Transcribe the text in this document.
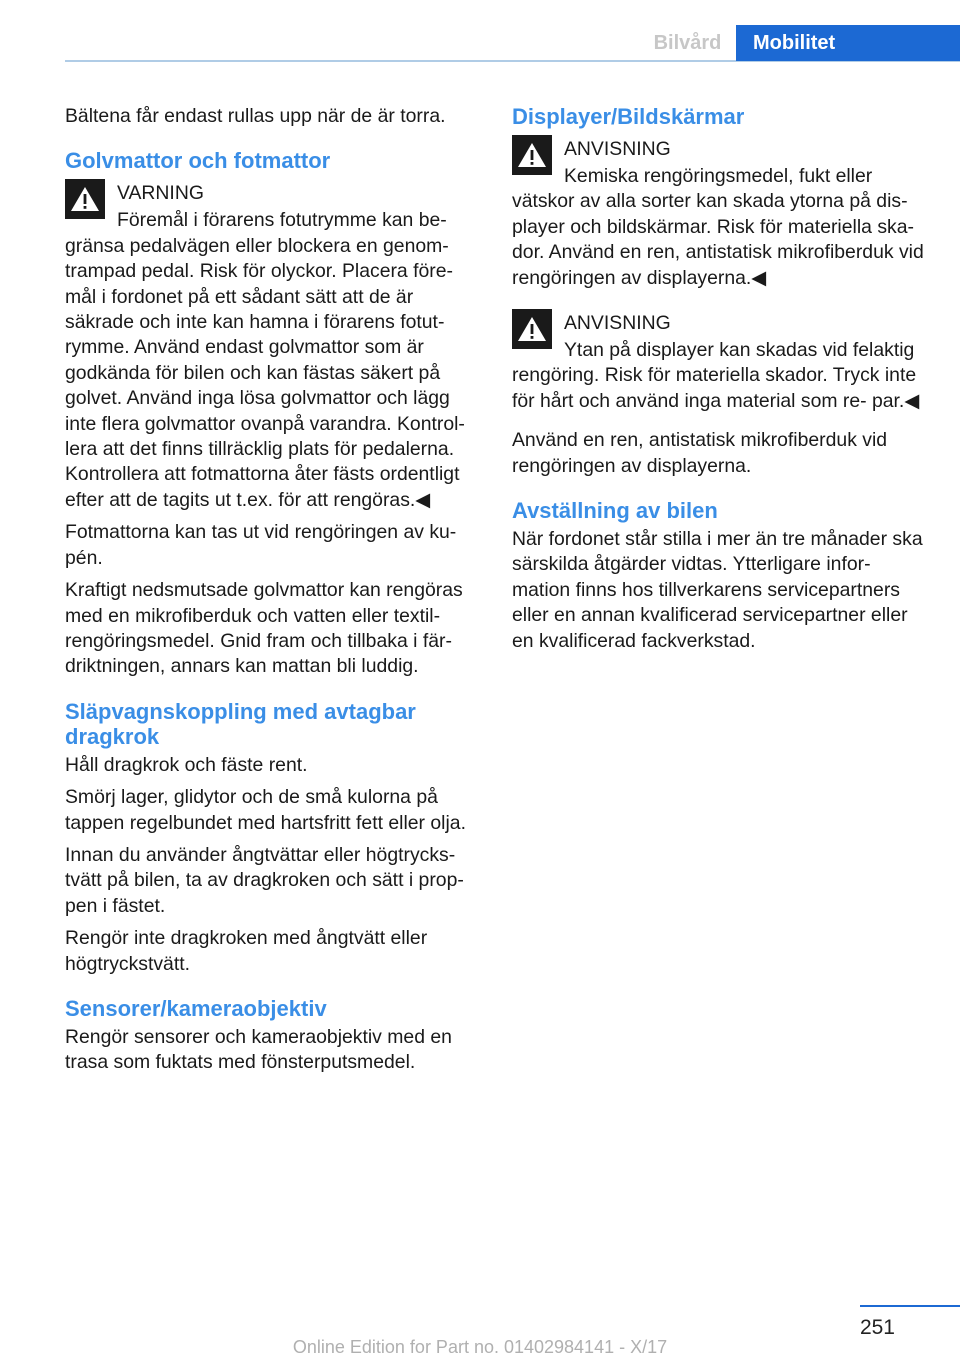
Bilvård	Mobilitet

Bältena får endast rullas upp när de är torra.

Golvmattor och fotmattor
VARNING
Föremål i förarens fotutrymme kan be‐
gränsa pedalvägen eller blockera en genom‐ trampad pedal. Risk för olyckor. Placera före‐ mål i fordonet på ett sådant sätt att de är säkrade och inte kan hamna i förarens fotut‐ rymme. Använd endast golvmattor som är godkända för bilen och kan fästas säkert på golvet. Använd inga lösa golvmattor och lägg inte flera golvmattor ovanpå varandra. Kontrol‐ lera att det finns tillräcklig plats för pedalerna. Kontrollera att fotmattorna åter fästs ordentligt efter att de tagits ut t.ex. för att rengöras.◀

Fotmattorna kan tas ut vid rengöringen av ku‐ pén.

Kraftigt nedsmutsade golvmattor kan rengöras med en mikrofiberduk och vatten eller textil‐ rengöringsmedel. Gnid fram och tillbaka i fär‐ driktningen, annars kan mattan bli luddig.

Släpvagnskoppling med avtagbar dragkrok

Håll dragkrok och fäste rent.

Smörj lager, glidytor och de små kulorna på tappen regelbundet med hartsfritt fett eller olja.

Innan du använder ångtvättar eller högtrycks‐ tvätt på bilen, ta av dragkroken och sätt i prop‐ pen i fästet.

Rengör inte dragkroken med ångtvätt eller högtryckstvätt.

Sensorer/kameraobjektiv

Rengör sensorer och kameraobjektiv med en trasa som fuktats med fönsterputsmedel.

Displayer/Bildskärmar
ANVISNING
Kemiska rengöringsmedel, fukt eller
vätskor av alla sorter kan skada ytorna på dis‐ player och bildskärmar. Risk för materiella ska‐ dor. Använd en ren, antistatisk mikrofiberduk vid rengöringen av displayerna.◀
ANVISNING
Ytan på displayer kan skadas vid felaktig
rengöring. Risk för materiella skador. Tryck inte för hårt och använd inga material som re‐ par.◀

Använd en ren, antistatisk mikrofiberduk vid rengöringen av displayerna.

Avställning av bilen

När fordonet står stilla i mer än tre månader ska särskilda åtgärder vidtas. Ytterligare infor‐ mation finns hos tillverkarens servicepartners eller en annan kvalificerad servicepartner eller en kvalificerad fackverkstad.

251
Online Edition for Part no. 01402984141 - X/17
